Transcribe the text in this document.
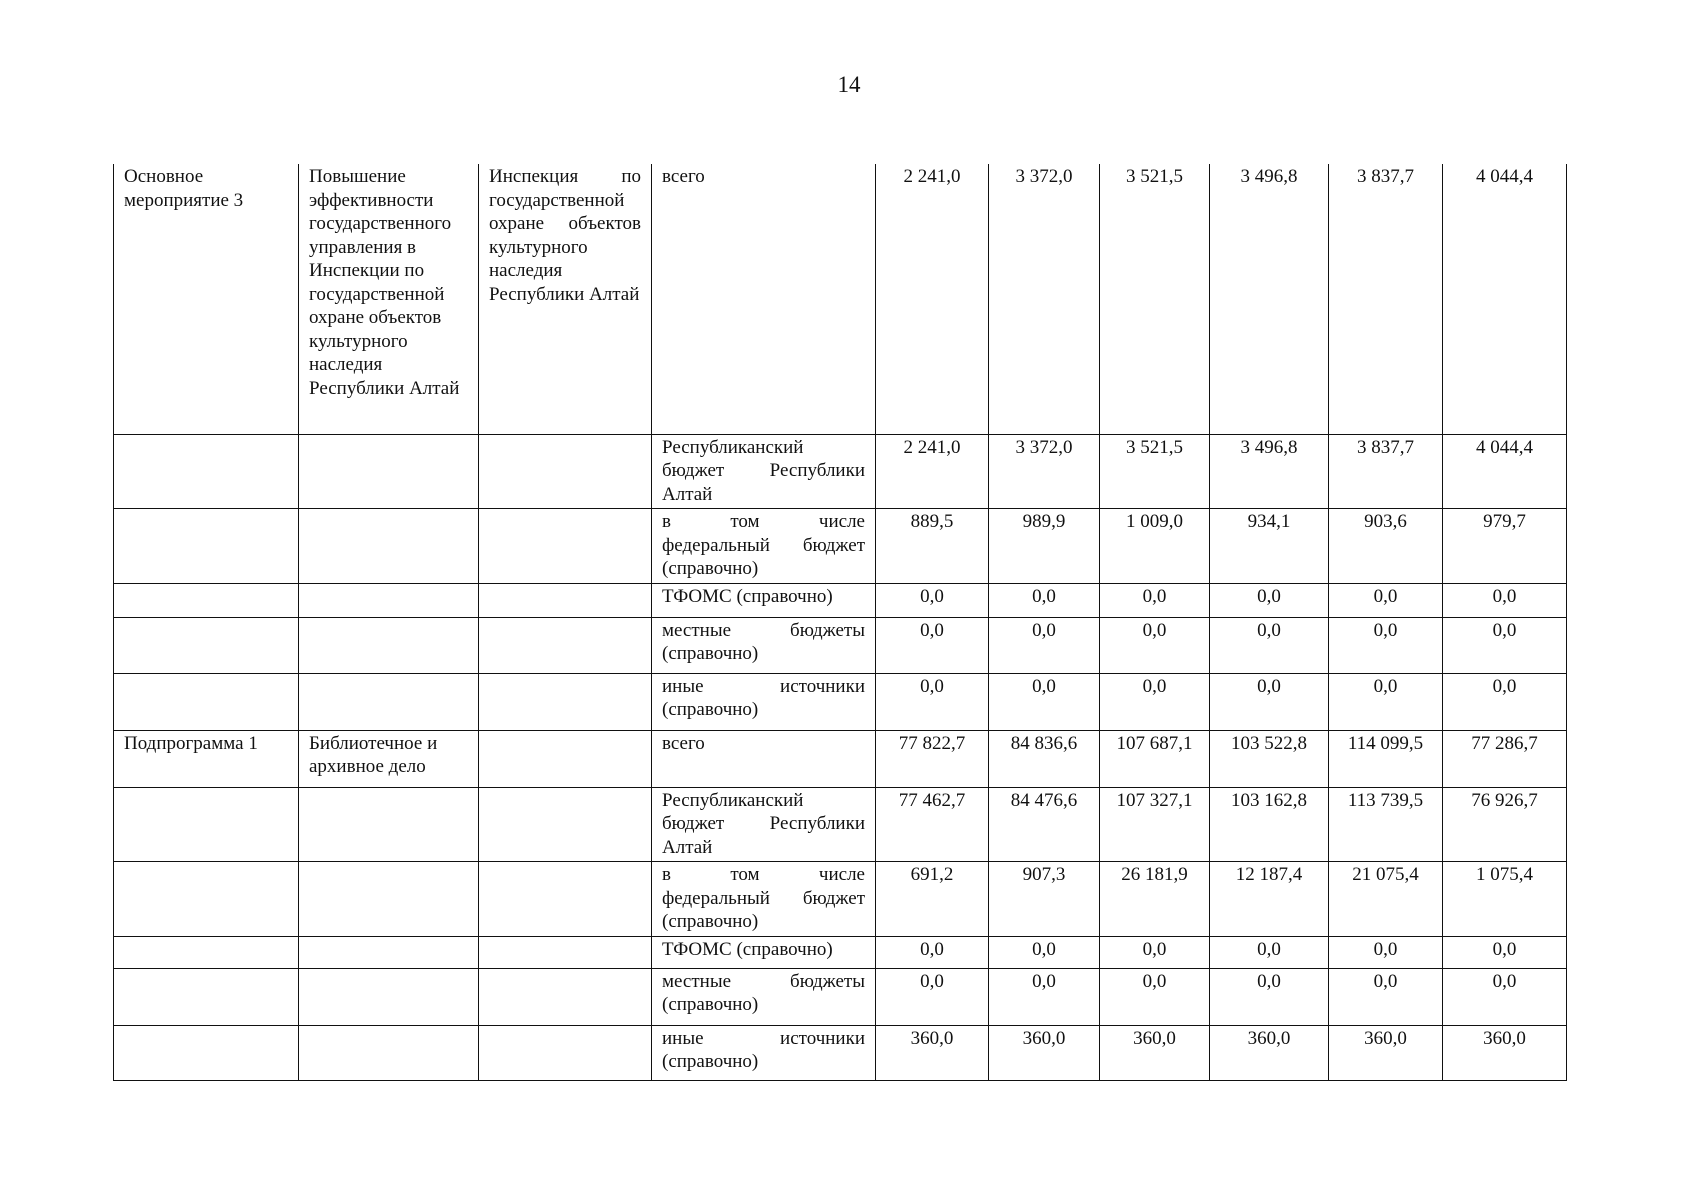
14
Основное мероприятие 3	Повышение эффективности государственного управления в Инспекции по государственной охране объектов культурного наследия Республики Алтай	Инспекция по государственной охране объектов культурного наследия Республики Алтай	всего	2 241,0	3 372,0	3 521,5	3 496,8	3 837,7	4 044,4
			Республиканский бюджет Республики Алтай	2 241,0	3 372,0	3 521,5	3 496,8	3 837,7	4 044,4
			в том числе федеральный бюджет (справочно)	889,5	989,9	1 009,0	934,1	903,6	979,7
			ТФОМС (справочно)	0,0	0,0	0,0	0,0	0,0	0,0
			местные бюджеты (справочно)	0,0	0,0	0,0	0,0	0,0	0,0
			иные источники (справочно)	0,0	0,0	0,0	0,0	0,0	0,0
Подпрограмма 1	Библиотечное и архивное дело		всего	77 822,7	84 836,6	107 687,1	103 522,8	114 099,5	77 286,7
			Республиканский бюджет Республики Алтай	77 462,7	84 476,6	107 327,1	103 162,8	113 739,5	76 926,7
			в том числе федеральный бюджет (справочно)	691,2	907,3	26 181,9	12 187,4	21 075,4	1 075,4
			ТФОМС (справочно)	0,0	0,0	0,0	0,0	0,0	0,0
			местные бюджеты (справочно)	0,0	0,0	0,0	0,0	0,0	0,0
			иные источники (справочно)	360,0	360,0	360,0	360,0	360,0	360,0
